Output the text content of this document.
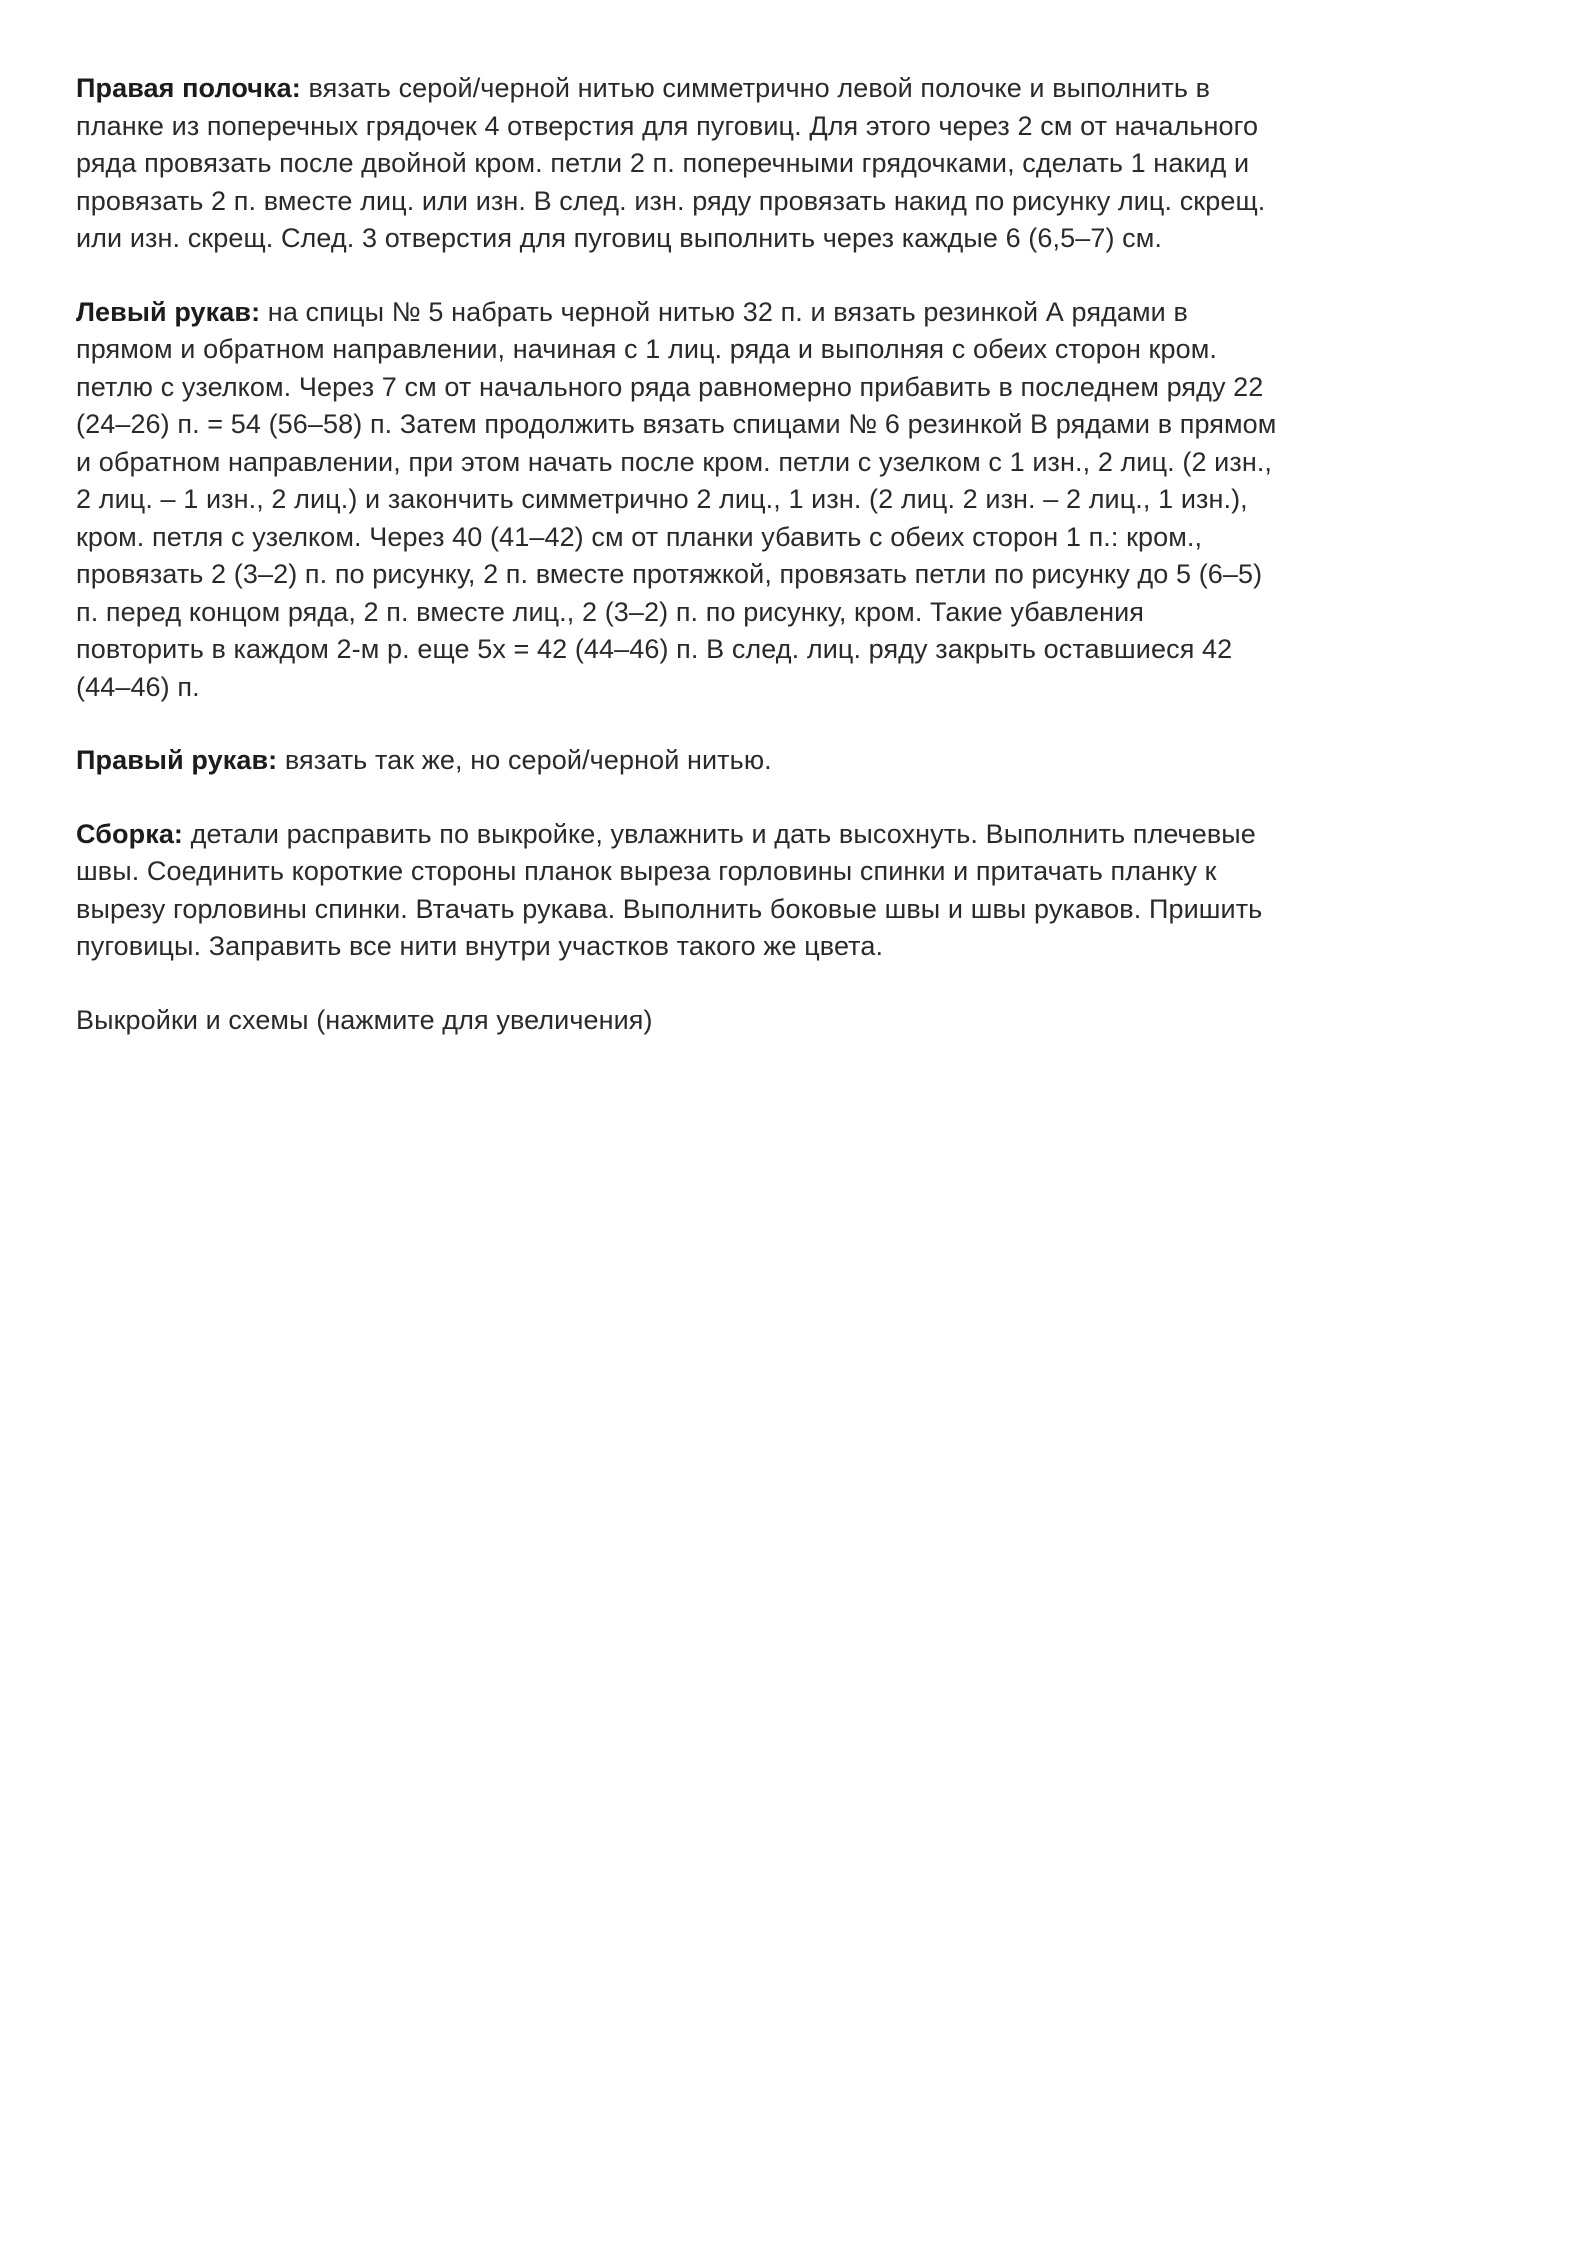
Правая полочка: вязать серой/черной нитью симметрично левой полочке и выполнить в
планке из поперечных грядочек 4 отверстия для пуговиц. Для этого через 2 см от начального
ряда провязать после двойной кром. петли 2 п. поперечными грядочками, сделать 1 накид и
провязать 2 п. вместе лиц. или изн. В след. изн. ряду провязать накид по рисунку лиц. скрещ.
или изн. скрещ. След. 3 отверстия для пуговиц выполнить через каждые 6 (6,5–7) см.

Левый рукав: на спицы № 5 набрать черной нитью 32 п. и вязать резинкой А рядами в
прямом и обратном направлении, начиная с 1 лиц. ряда и выполняя с обеих сторон кром.
петлю с узелком. Через 7 см от начального ряда равномерно прибавить в последнем ряду 22
(24–26) п. = 54 (56–58) п. Затем продолжить вязать спицами № 6 резинкой В рядами в прямом
и обратном направлении, при этом начать после кром. петли с узелком с 1 изн., 2 лиц. (2 изн.,
2 лиц. – 1 изн., 2 лиц.) и закончить симметрично 2 лиц., 1 изн. (2 лиц. 2 изн. – 2 лиц., 1 изн.),
кром. петля с узелком. Через 40 (41–42) см от планки убавить с обеих сторон 1 п.: кром.,
провязать 2 (3–2) п. по рисунку, 2 п. вместе протяжкой, провязать петли по рисунку до 5 (6–5)
п. перед концом ряда, 2 п. вместе лиц., 2 (3–2) п. по рисунку, кром. Такие убавления
повторить в каждом 2-м р. еще 5х = 42 (44–46) п. В след. лиц. ряду закрыть оставшиеся 42
(44–46) п.

Правый рукав: вязать так же, но серой/черной нитью.

Сборка: детали расправить по выкройке, увлажнить и дать высохнуть. Выполнить плечевые
швы. Соединить короткие стороны планок выреза горловины спинки и притачать планку к
вырезу горловины спинки. Втачать рукава. Выполнить боковые швы и швы рукавов. Пришить
пуговицы. Заправить все нити внутри участков такого же цвета.

Выкройки и схемы (нажмите для увеличения)
